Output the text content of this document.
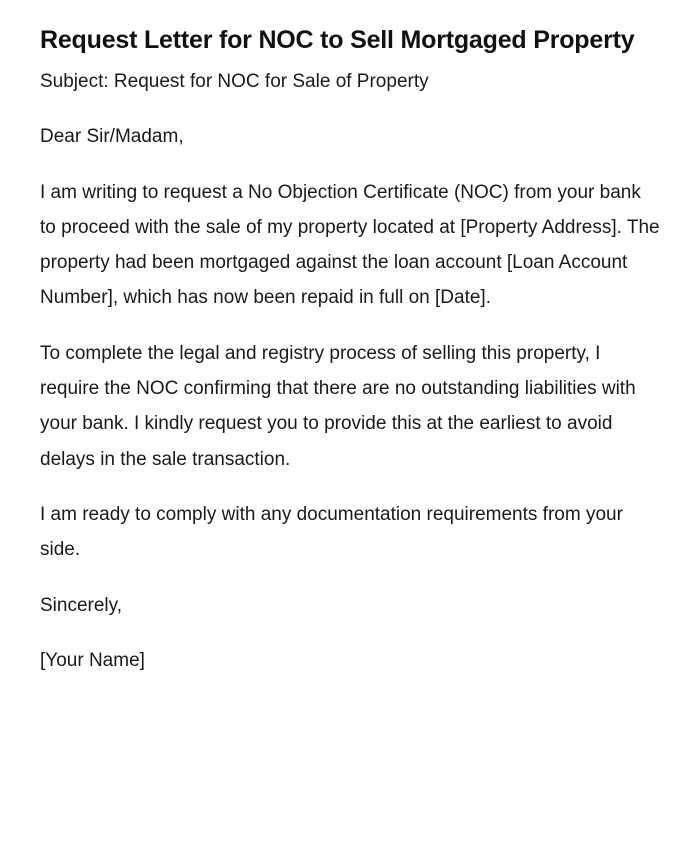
Request Letter for NOC to Sell Mortgaged Property

Subject: Request for NOC for Sale of Property

Dear Sir/Madam,

I am writing to request a No Objection Certificate (NOC) from your bank to proceed with the sale of my property located at [Property Address]. The property had been mortgaged against the loan account [Loan Account Number], which has now been repaid in full on [Date].

To complete the legal and registry process of selling this property, I require the NOC confirming that there are no outstanding liabilities with your bank. I kindly request you to provide this at the earliest to avoid delays in the sale transaction.

I am ready to comply with any documentation requirements from your side.

Sincerely,

[Your Name]
